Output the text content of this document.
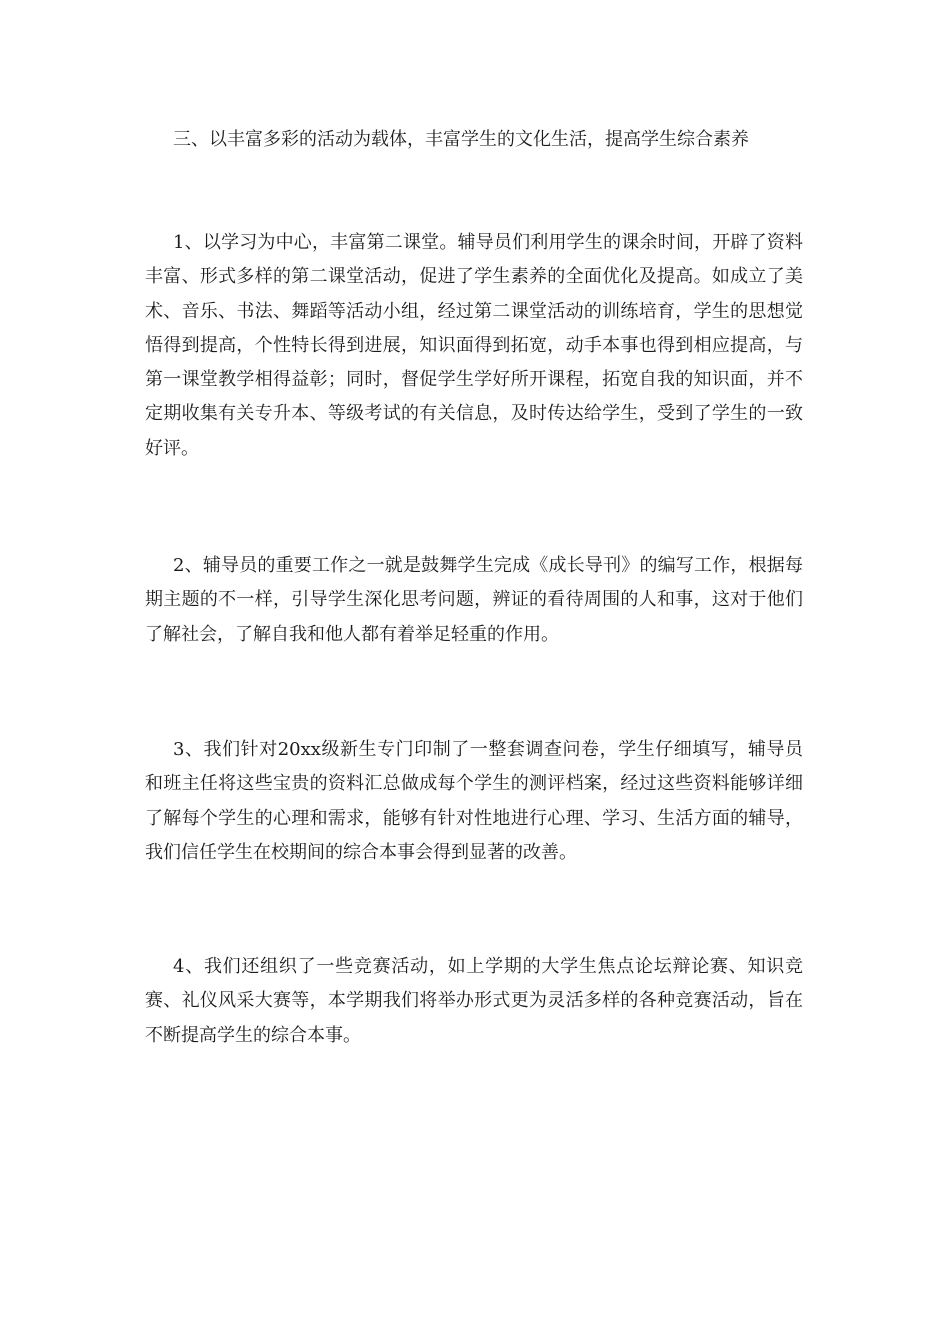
三、以丰富多彩的活动为载体，丰富学生的文化生活，提高学生综合素养

1、以学习为中心，丰富第二课堂。辅导员们利用学生的课余时间，开辟了资料丰富、形式多样的第二课堂活动，促进了学生素养的全面优化及提高。如成立了美术、音乐、书法、舞蹈等活动小组，经过第二课堂活动的训练培育，学生的思想觉悟得到提高，个性特长得到进展，知识面得到拓宽，动手本事也得到相应提高，与第一课堂教学相得益彰；同时，督促学生学好所开课程，拓宽自我的知识面，并不定期收集有关专升本、等级考试的有关信息，及时传达给学生，受到了学生的一致好评。

2、辅导员的重要工作之一就是鼓舞学生完成《成长导刊》的编写工作，根据每期主题的不一样，引导学生深化思考问题，辨证的看待周围的人和事，这对于他们了解社会，了解自我和他人都有着举足轻重的作用。

3、我们针对20xx级新生专门印制了一整套调查问卷，学生仔细填写，辅导员和班主任将这些宝贵的资料汇总做成每个学生的测评档案，经过这些资料能够详细了解每个学生的心理和需求，能够有针对性地进行心理、学习、生活方面的辅导，我们信任学生在校期间的综合本事会得到显著的改善。

4、我们还组织了一些竞赛活动，如上学期的大学生焦点论坛辩论赛、知识竞赛、礼仪风采大赛等，本学期我们将举办形式更为灵活多样的各种竞赛活动，旨在不断提高学生的综合本事。
